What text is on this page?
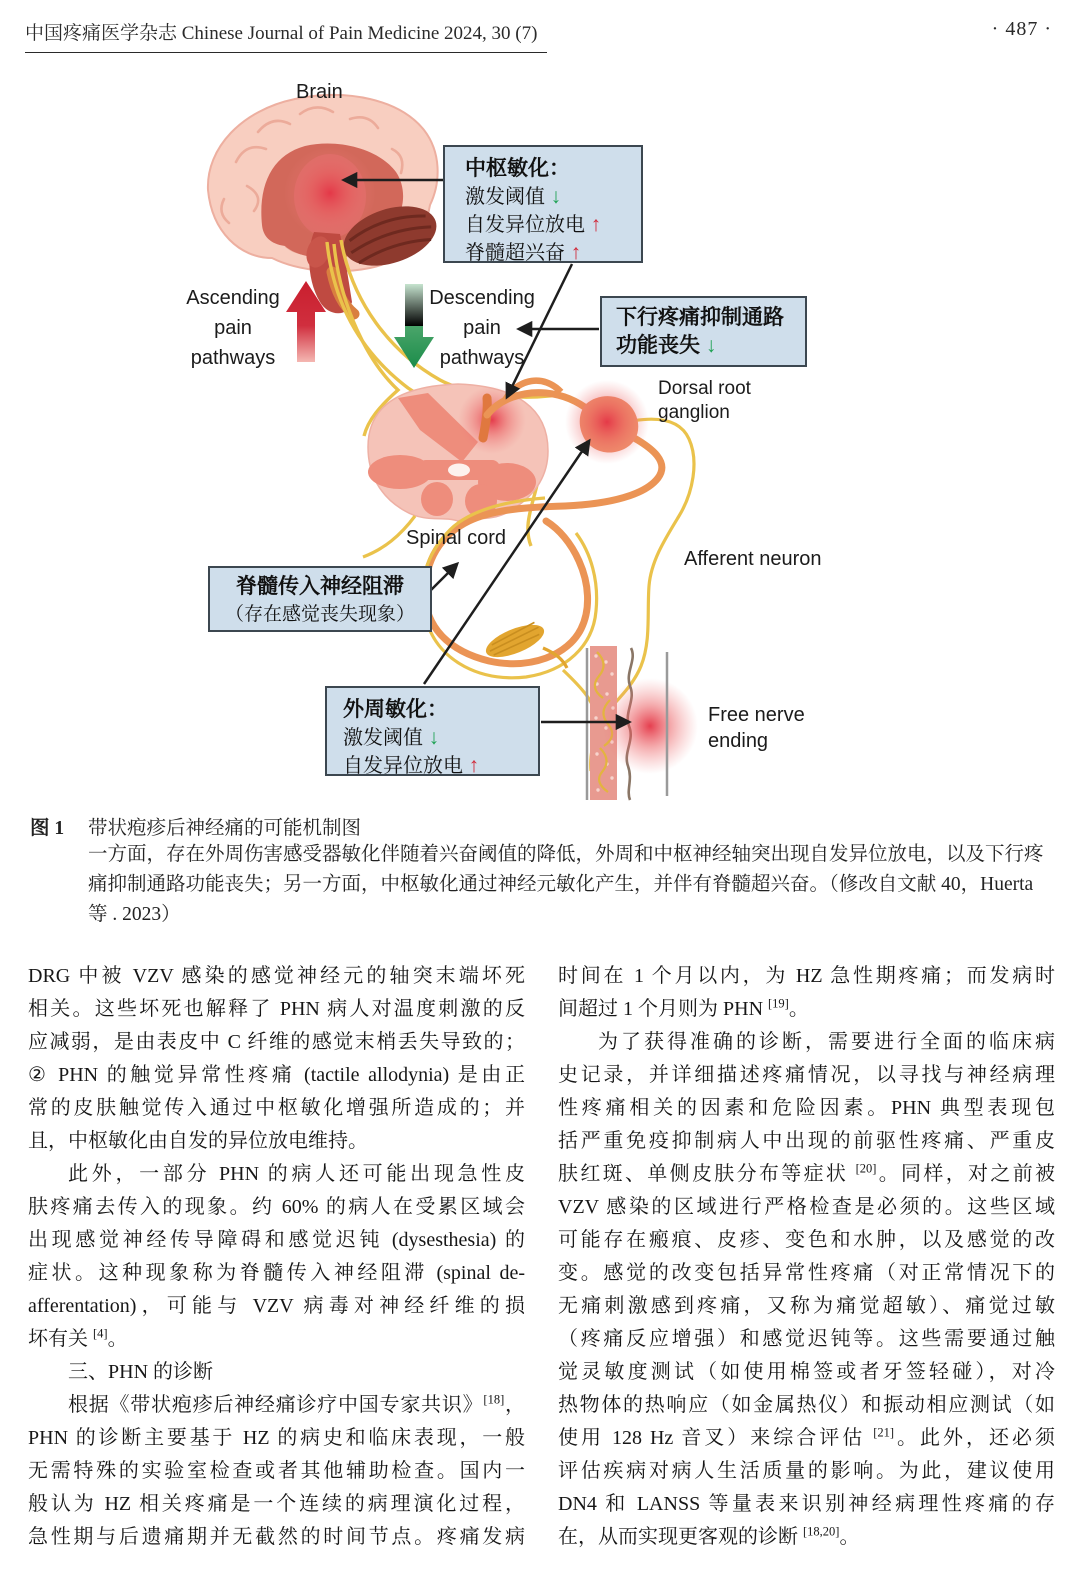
中国疼痛医学杂志 Chinese Journal of Pain Medicine 2024, 30 (7)	· 487 ·
Brain
Ascending
pain
pathways
Descending
pain
pathways
Dorsal root
ganglion
Spinal cord
Afferent neuron
Free nerve
ending
中枢敏化：
激发阈值 ↓
自发异位放电 ↑
脊髓超兴奋 ↑
下行疼痛抑制通路
功能丧失 ↓
脊髓传入神经阻滞
（存在感觉丧失现象）
外周敏化：
激发阈值 ↓
自发异位放电 ↑
图 1	带状疱疹后神经痛的可能机制图
一方面，存在外周伤害感受器敏化伴随着兴奋阈值的降低，外周和中枢神经轴突出现自发异位放电，以及下行疼
痛抑制通路功能丧失；另一方面，中枢敏化通过神经元敏化产生，并伴有脊髓超兴奋。（修改自文献 40，Huerta
等 . 2023）
DRG 中被 VZV 感染的感觉神经元的轴突末端坏死
相关。这些坏死也解释了 PHN 病人对温度刺激的反
应减弱，是由表皮中 C 纤维的感觉末梢丢失导致的；
② PHN 的触觉异常性疼痛 (tactile allodynia) 是由正
常的皮肤触觉传入通过中枢敏化增强所造成的；并
且，中枢敏化由自发的异位放电维持。
此外，一部分 PHN 的病人还可能出现急性皮
肤疼痛去传入的现象。约 60% 的病人在受累区域会
出现感觉神经传导障碍和感觉迟钝 (dysesthesia) 的
症状。这种现象称为脊髓传入神经阻滞 (spinal de-
afferentation)，可能与 VZV 病毒对神经纤维的损
坏有关 [4]。
三、PHN 的诊断
根据《带状疱疹后神经痛诊疗中国专家共识》[18]，
PHN 的诊断主要基于 HZ 的病史和临床表现，一般
无需特殊的实验室检查或者其他辅助检查。国内一
般认为 HZ 相关疼痛是一个连续的病理演化过程，
急性期与后遗痛期并无截然的时间节点。疼痛发病
时间在 1 个月以内，为 HZ 急性期疼痛；而发病时
间超过 1 个月则为 PHN [19]。
为了获得准确的诊断，需要进行全面的临床病
史记录，并详细描述疼痛情况，以寻找与神经病理
性疼痛相关的因素和危险因素。PHN 典型表现包
括严重免疫抑制病人中出现的前驱性疼痛、严重皮
肤红斑、单侧皮肤分布等症状 [20]。同样，对之前被
VZV 感染的区域进行严格检查是必须的。这些区域
可能存在瘢痕、皮疹、变色和水肿，以及感觉的改
变。感觉的改变包括异常性疼痛（对正常情况下的
无痛刺激感到疼痛，又称为痛觉超敏）、痛觉过敏
（疼痛反应增强）和感觉迟钝等。这些需要通过触
觉灵敏度测试（如使用棉签或者牙签轻碰），对冷
热物体的热响应（如金属热仪）和振动相应测试（如
使用 128 Hz 音叉）来综合评估 [21]。此外，还必须
评估疾病对病人生活质量的影响。为此，建议使用
DN4 和 LANSS 等量表来识别神经病理性疼痛的存
在，从而实现更客观的诊断 [18,20]。
